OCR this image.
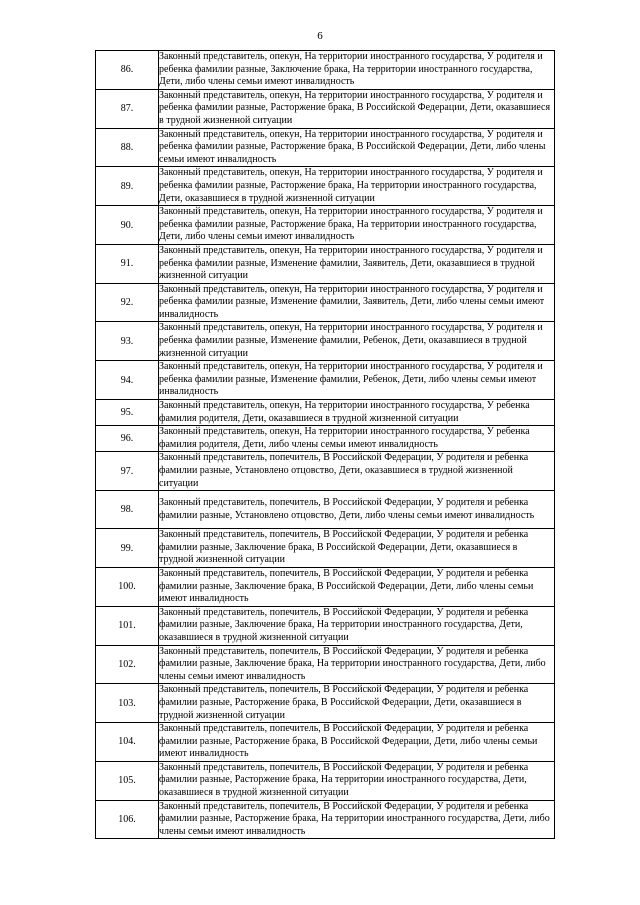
6
86.	Законный представитель, опекун, На территории иностранного государства, У родителя и ребенка фамилии разные, Заключение брака, На территории иностранного государства, Дети, либо члены семьи имеют инвалидность
87.	Законный представитель, опекун, На территории иностранного государства, У родителя и ребенка фамилии разные, Расторжение брака, В Российской Федерации, Дети, оказавшиеся в трудной жизненной ситуации
88.	Законный представитель, опекун, На территории иностранного государства, У родителя и ребенка фамилии разные, Расторжение брака, В Российской Федерации, Дети, либо члены семьи имеют инвалидность
89.	Законный представитель, опекун, На территории иностранного государства, У родителя и ребенка фамилии разные, Расторжение брака, На территории иностранного государства, Дети, оказавшиеся в трудной жизненной ситуации
90.	Законный представитель, опекун, На территории иностранного государства, У родителя и ребенка фамилии разные, Расторжение брака, На территории иностранного государства, Дети, либо члены семьи имеют инвалидность
91.	Законный представитель, опекун, На территории иностранного государства, У родителя и ребенка фамилии разные, Изменение фамилии, Заявитель, Дети, оказавшиеся в трудной жизненной ситуации
92.	Законный представитель, опекун, На территории иностранного государства, У родителя и ребенка фамилии разные, Изменение фамилии, Заявитель, Дети, либо члены семьи имеют инвалидность
93.	Законный представитель, опекун, На территории иностранного государства, У родителя и ребенка фамилии разные, Изменение фамилии, Ребенок, Дети, оказавшиеся в трудной жизненной ситуации
94.	Законный представитель, опекун, На территории иностранного государства, У родителя и ребенка фамилии разные, Изменение фамилии, Ребенок, Дети, либо члены семьи имеют инвалидность
95.	Законный представитель, опекун, На территории иностранного государства, У ребенка фамилия родителя, Дети, оказавшиеся в трудной жизненной ситуации
96.	Законный представитель, опекун, На территории иностранного государства, У ребенка фамилия родителя, Дети, либо члены семьи имеют инвалидность
97.	Законный представитель, попечитель, В Российской Федерации, У родителя и ребенка фамилии разные, Установлено отцовство, Дети, оказавшиеся в трудной жизненной ситуации
98.	Законный представитель, попечитель, В Российской Федерации, У родителя и ребенка фамилии разные, Установлено отцовство, Дети, либо члены семьи имеют инвалидность
99.	Законный представитель, попечитель, В Российской Федерации, У родителя и ребенка фамилии разные, Заключение брака, В Российской Федерации, Дети, оказавшиеся в трудной жизненной ситуации
100.	Законный представитель, попечитель, В Российской Федерации, У родителя и ребенка фамилии разные, Заключение брака, В Российской Федерации, Дети, либо члены семьи имеют инвалидность
101.	Законный представитель, попечитель, В Российской Федерации, У родителя и ребенка фамилии разные, Заключение брака, На территории иностранного государства, Дети, оказавшиеся в трудной жизненной ситуации
102.	Законный представитель, попечитель, В Российской Федерации, У родителя и ребенка фамилии разные, Заключение брака, На территории иностранного государства, Дети, либо члены семьи имеют инвалидность
103.	Законный представитель, попечитель, В Российской Федерации, У родителя и ребенка фамилии разные, Расторжение брака, В Российской Федерации, Дети, оказавшиеся в трудной жизненной ситуации
104.	Законный представитель, попечитель, В Российской Федерации, У родителя и ребенка фамилии разные, Расторжение брака, В Российской Федерации, Дети, либо члены семьи имеют инвалидность
105.	Законный представитель, попечитель, В Российской Федерации, У родителя и ребенка фамилии разные, Расторжение брака, На территории иностранного государства, Дети, оказавшиеся в трудной жизненной ситуации
106.	Законный представитель, попечитель, В Российской Федерации, У родителя и ребенка фамилии разные, Расторжение брака, На территории иностранного государства, Дети, либо члены семьи имеют инвалидность
